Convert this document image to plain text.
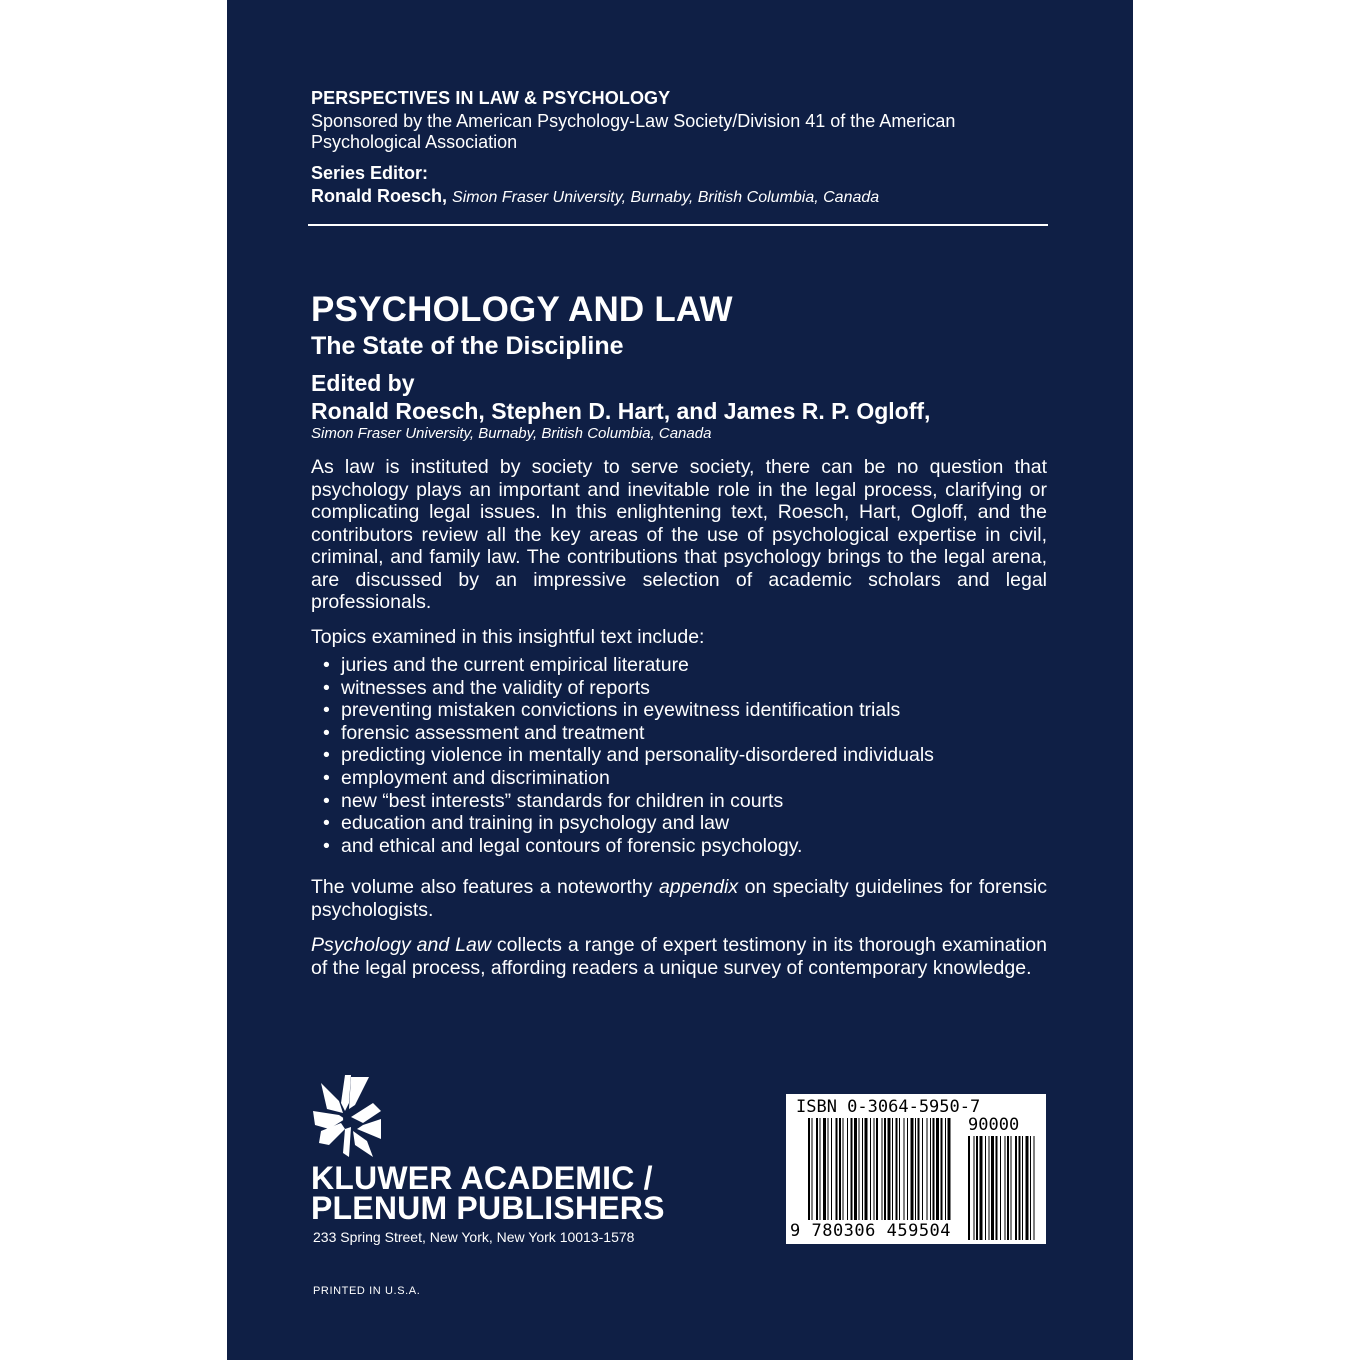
PERSPECTIVES IN LAW & PSYCHOLOGY
Sponsored by the American Psychology-Law Society/Division 41 of the American Psychological Association
Series Editor:
Ronald Roesch, Simon Fraser University, Burnaby, British Columbia, Canada
PSYCHOLOGY AND LAW
The State of the Discipline
Edited by
Ronald Roesch, Stephen D. Hart, and James R. P. Ogloff,
Simon Fraser University, Burnaby, British Columbia, Canada
As law is instituted by society to serve society, there can be no question that psychology plays an important and inevitable role in the legal process, clarifying or complicating legal issues. In this enlightening text, Roesch, Hart, Ogloff, and the contributors review all the key areas of the use of psychological expertise in civil, criminal, and family law. The contributions that psychology brings to the legal arena, are discussed by an impressive selection of academic scholars and legal professionals.
Topics examined in this insightful text include:
• juries and the current empirical literature
• witnesses and the validity of reports
• preventing mistaken convictions in eyewitness identification trials
• forensic assessment and treatment
• predicting violence in mentally and personality-disordered individuals
• employment and discrimination
• new “best interests” standards for children in courts
• education and training in psychology and law
• and ethical and legal contours of forensic psychology.
The volume also features a noteworthy appendix on specialty guidelines for forensic psychologists.
Psychology and Law collects a range of expert testimony in its thorough examination of the legal process, affording readers a unique survey of contemporary knowledge.
KLUWER ACADEMIC /
PLENUM PUBLISHERS
233 Spring Street, New York, New York 10013-1578
PRINTED IN U.S.A.
ISBN 0-3064-5950-7
90000
9 780306 459504
